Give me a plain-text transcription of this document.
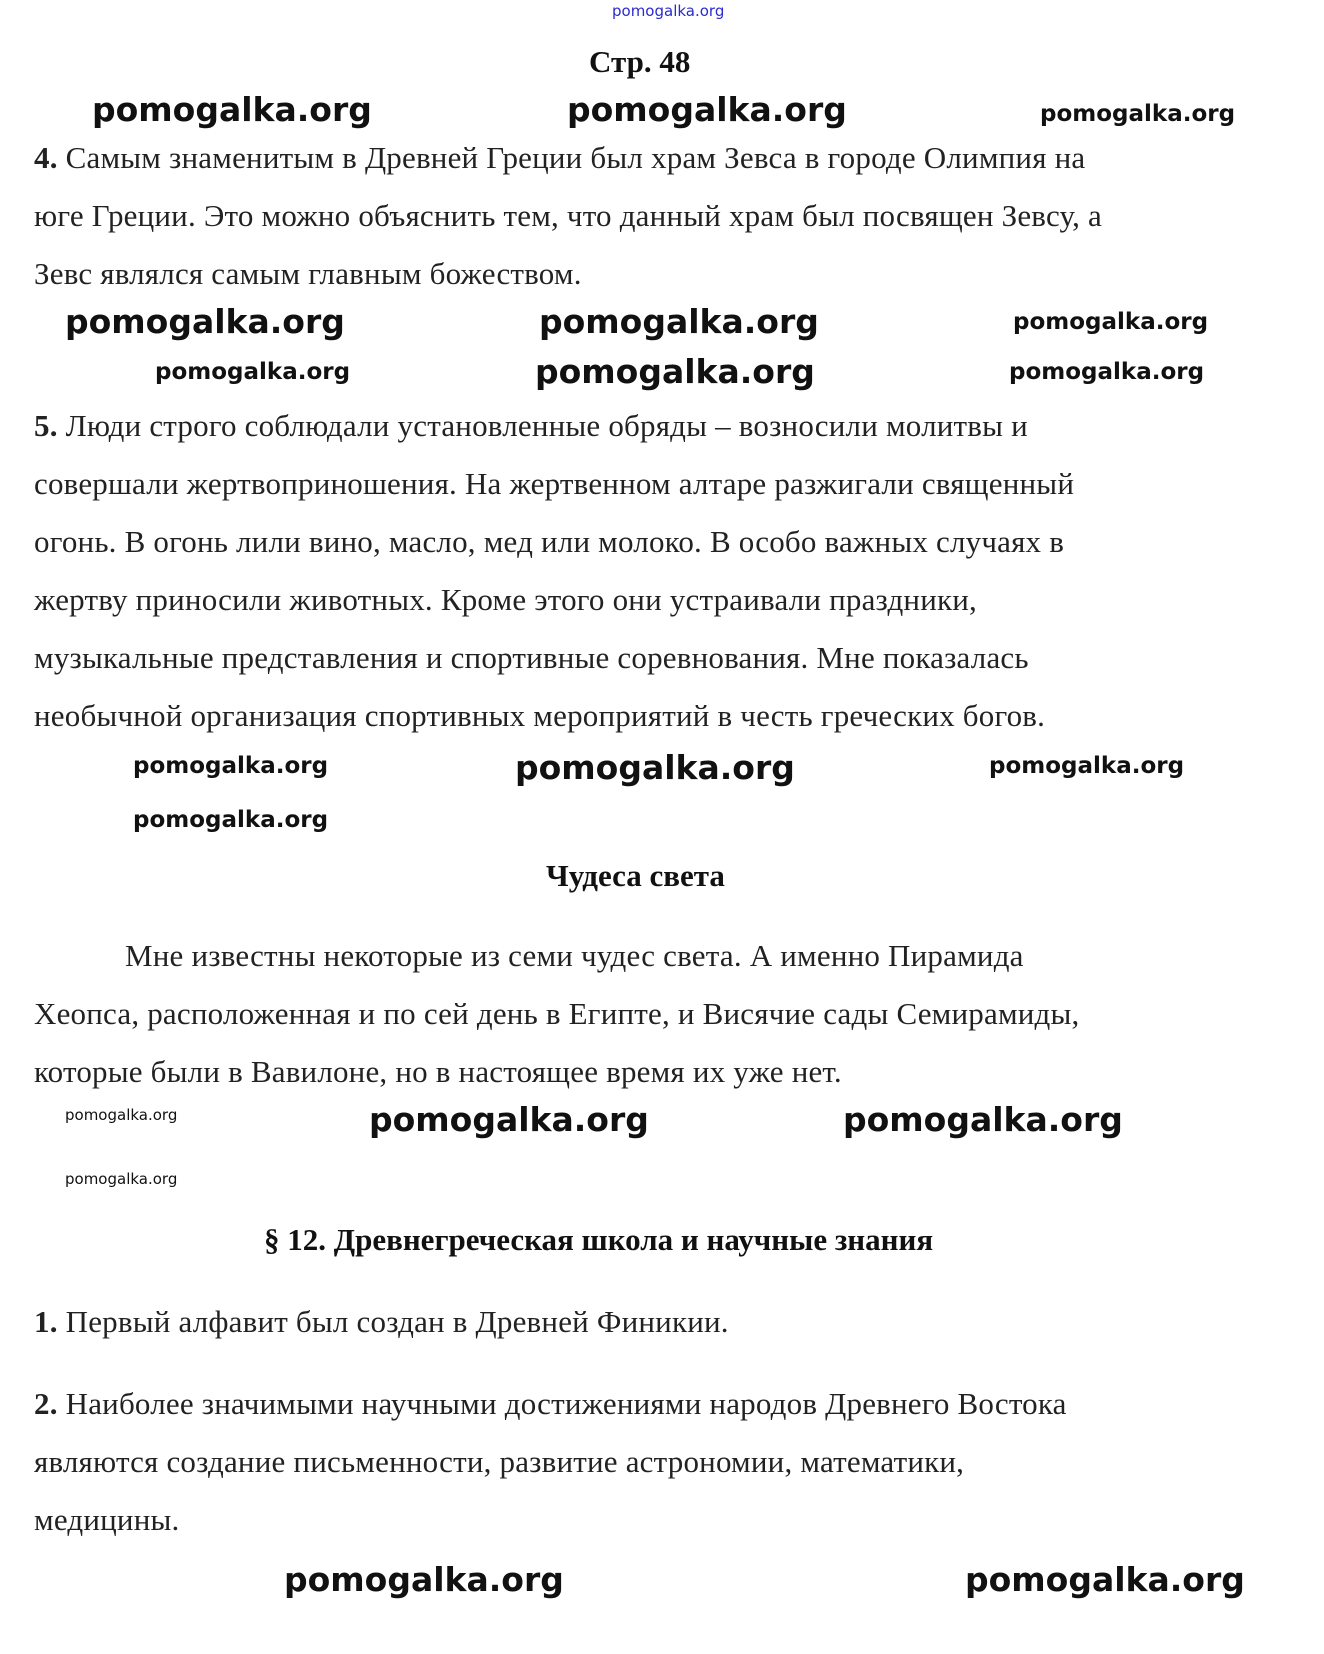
pomogalka.org
Стр. 48
4. Самым знаменитым в Древней Греции был храм Зевса в городе Олимпия на
юге Греции. Это можно объяснить тем, что данный храм был посвящен Зевсу, а
Зевс являлся самым главным божеством.
5. Люди строго соблюдали установленные обряды – возносили молитвы и
совершали жертвоприношения. На жертвенном алтаре разжигали священный
огонь. В огонь лили вино, масло, мед или молоко. В особо важных случаях в
жертву приносили животных. Кроме этого они устраивали праздники,
музыкальные представления и спортивные соревнования. Мне показалась
необычной организация спортивных мероприятий в честь греческих богов.
Чудеса света
Мне известны некоторые из семи чудес света. А именно Пирамида
Хеопса, расположенная и по сей день в Египте, и Висячие сады Семирамиды,
которые были в Вавилоне, но в настоящее время их уже нет.
§ 12. Древнегреческая школа и научные знания
1. Первый алфавит был создан в Древней Финикии.
2. Наиболее значимыми научными достижениями народов Древнего Востока
являются создание письменности, развитие астрономии, математики,
медицины.
pomogalka.org	pomogalka.org	pomogalka.org
pomogalka.org	pomogalka.org	pomogalka.org
pomogalka.org	pomogalka.org	pomogalka.org
pomogalka.org	pomogalka.org	pomogalka.org
pomogalka.org
pomogalka.org	pomogalka.org	pomogalka.org
pomogalka.org
pomogalka.org	pomogalka.org
